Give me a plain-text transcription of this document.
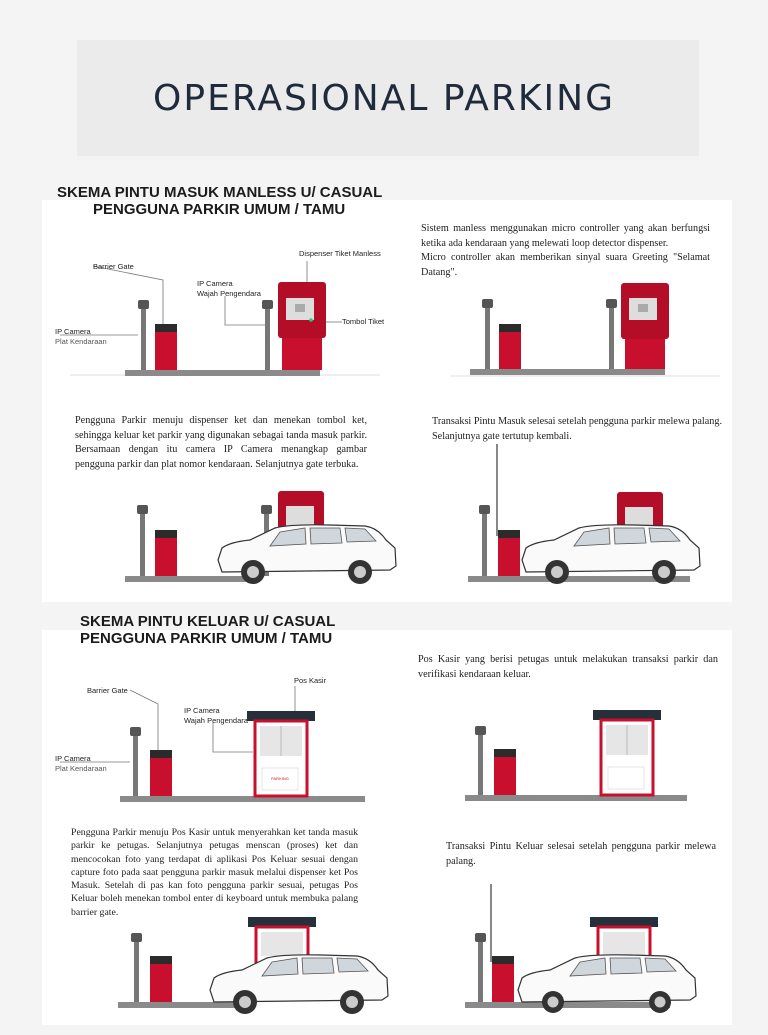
OPERASIONAL PARKING
SKEMA PINTU MASUK MANLESS U/ CASUAL
PENGGUNA PARKIR UMUM / TAMU
Barrier Gate
Dispenser Tiket Manless
IP Camera
Wajah Pengendara
Tombol Tiket
IP Camera
Plat Kendaraan
Sistem manless menggunakan micro controller yang akan berfungsi ketika ada kendaraan yang melewati loop detector dispenser.
Micro controller akan memberikan sinyal suara Greeting "Selamat Datang".
Pengguna Parkir menuju dispenser ket dan menekan tombol ket, sehingga keluar ket parkir yang digunakan sebagai tanda masuk parkir. Bersamaan dengan itu camera IP Camera menangkap gambar pengguna parkir dan plat nomor kendaraan. Selanjutnya gate terbuka.
Transaksi Pintu Masuk selesai setelah pengguna parkir melewa palang. Selanjutnya gate tertutup kembali.
SKEMA PINTU KELUAR U/ CASUAL
PENGGUNA PARKIR UMUM / TAMU
PARKING
Pos Kasir
Barrier Gate
IP Camera
Wajah Pengendara
IP Camera
Plat Kendaraan
Pos Kasir yang berisi petugas untuk melakukan transaksi parkir dan verifikasi kendaraan keluar.
Pengguna Parkir menuju Pos Kasir untuk menyerahkan ket tanda masuk parkir ke petugas. Selanjutnya petugas menscan (proses) ket dan mencocokan foto yang terdapat di aplikasi Pos Keluar sesuai dengan capture foto pada saat pengguna parkir masuk melalui dispenser ket Pos Masuk. Setelah di pas kan foto pengguna parkir sesuai, petugas Pos Keluar boleh menekan tombol enter di keyboard untuk membuka palang barrier gate.
Transaksi Pintu Keluar selesai setelah pengguna parkir melewa palang.
